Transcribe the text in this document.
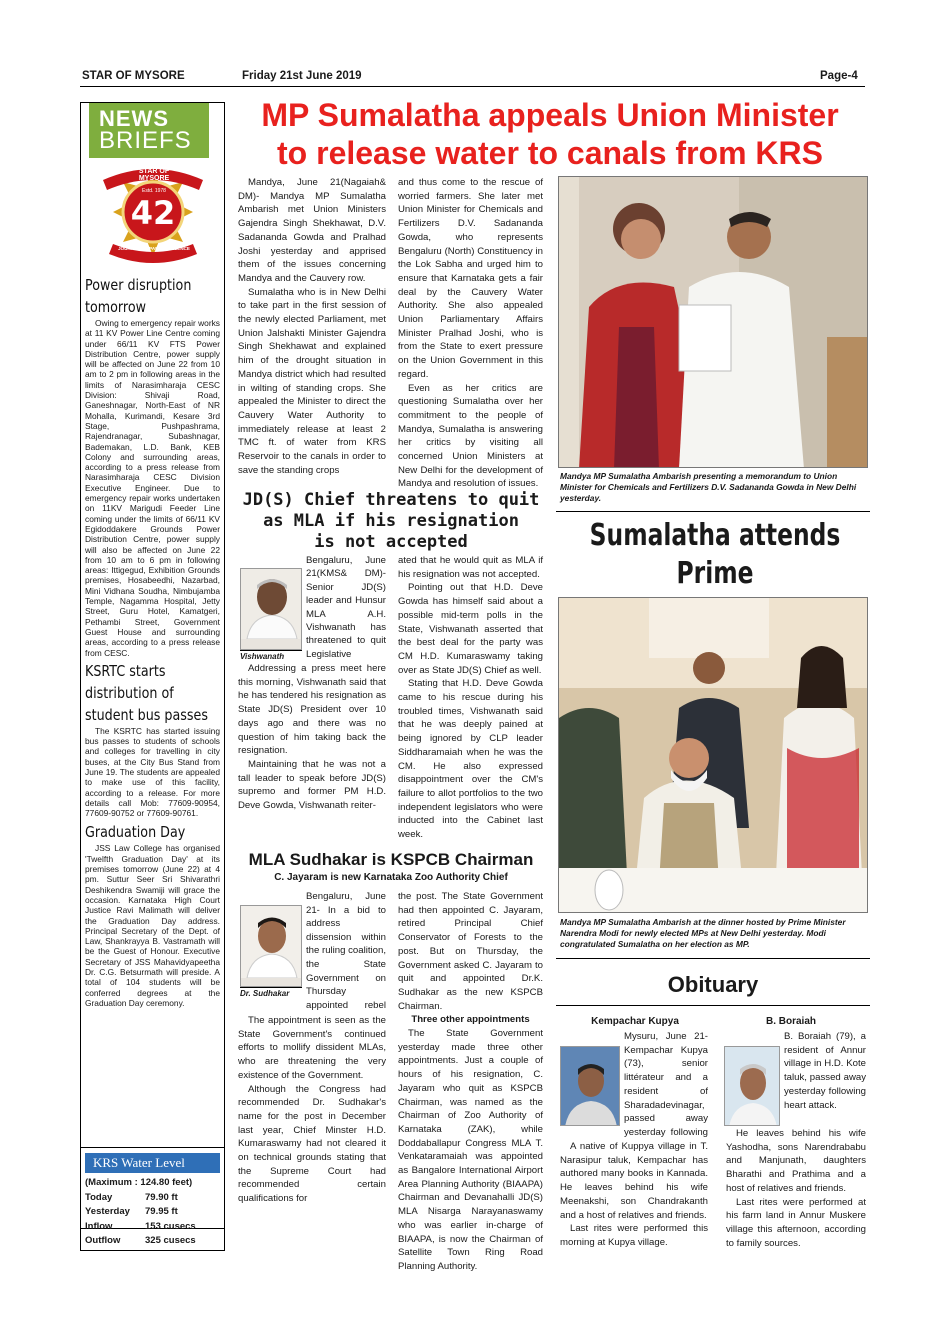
STAR OF MYSORE	Friday 21st June 2019	Page-4
NEWS
BRIEFS
STAR OF MYSORE
Estd. 1978
42
JOURNALISM PAR EXCELLENCE
Power disruption tomorrow
Owing to emergency repair works at 11 KV Power Line Centre coming under 66/11 KV FTS Power Distribution Centre, power supply will be affected on June 22 from 10 am to 2 pm in following areas in the limits of Narasimharaja CESC Division: Shivaji Road, Ganeshnagar, North-East of NR Mohalla, Kurimandi, Kesare 3rd Stage, Pushpashrama, Rajendranagar, Subashnagar, Bademakan, L.D. Bank, KEB Colony and surrounding areas, according to a press release from Narasimharaja CESC Division Executive Engineer. Due to emergency repair works undertaken on 11KV Marigudi Feeder Line coming under the limits of 66/11 KV Egidoddakere Grounds Power Distribution Centre, power supply will also be affected on June 22 from 10 am to 6 pm in following areas: Ittigegud, Exhibition Grounds premises, Hosabeedhi, Nazarbad, Mini Vidhana Soudha, Nimbujamba Temple, Nagamma Hospital, Jetty Street, Guru Hotel, Kamatgeri, Pethambi Street, Government Guest House and surrounding areas, according to a press release from CESC.
KSRTC starts distribution of student bus passes
The KSRTC has started issuing bus passes to students of schools and colleges for travelling in city buses, at the City Bus Stand from June 19. The students are appealed to make use of this facility, according to a release. For more details call Mob: 77609-90954, 77609-90752 or 77609-90761.
Graduation Day
JSS Law College has organised 'Twelfth Graduation Day' at its premises tomorrow (June 22) at 4 pm. Suttur Seer Sri Shivarathri Deshikendra Swamiji will grace the occasion. Karnataka High Court Justice Ravi Malimath will deliver the Graduation Day address. Principal Secretary of the Dept. of Law, Shankrayya B. Vastramath will be the Guest of Honour. Executive Secretary of JSS Mahavidyapeetha Dr. C.G. Betsurmath will preside. A total of 104 students will be conferred degrees at the Graduation Day ceremony.
KRS Water Level
(Maximum : 124.80 feet)
Today	79.90 ft
Yesterday	79.95 ft
Inflow	153 cusecs
Outflow	325 cusecs
MP Sumalatha appeals Union Minister
to release water to canals from KRS

Mandya, June 21(Nagaiah& DM)- Mandya MP Sumalatha Ambarish met Union Ministers Gajendra Singh Shekhawat, D.V. Sadananda Gowda and Pralhad Joshi yesterday and apprised them of the issues concerning Mandya and the Cauvery row.

Sumalatha who is in New Delhi to take part in the first session of the newly elected Parliament, met Union Jalshakti Minister Gajendra Singh Shekhawat and explained him of the drought situation in Mandya district which had resulted in wilting of standing crops. She appealed the Minister to direct the Cauvery Water Authority to immediately release at least 2 TMC ft. of water from KRS Reservoir to the canals in order to save the standing crops

and thus come to the rescue of worried farmers. She later met Union Minister for Chemicals and Fertilizers D.V. Sadananda Gowda, who represents Bengaluru (North) Constituency in the Lok Sabha and urged him to ensure that Karnataka gets a fair deal by the Cauvery Water Authority. She also appealed Union Parliamentary Affairs Minister Pralhad Joshi, who is from the State to exert pressure on the Union Government in this regard.

Even as her critics are questioning Sumalatha over her commitment to the people of Mandya, Sumalatha is answering her critics by visiting all concerned Union Ministers at New Delhi for the development of Mandya and resolution of issues.

Mandya MP Sumalatha Ambarish presenting a memorandum to Union Minister for Chemicals and Fertilizers D.V. Sadananda Gowda in New Delhi yesterday.
JD(S) Chief threatens to quit
as MLA if his resignation
is not accepted
Vishwanath
Bengaluru, June 21(KMS& DM)- Senior JD(S) leader and Hunsur MLA A.H. Vishwanath has threatened to quit Legislative

Addressing a press meet here this morning, Vishwanath said that he has tendered his resignation as State JD(S) President over 10 days ago and there was no question of him taking back the resignation.

Maintaining that he was not a tall leader to speak before JD(S) supremo and former PM H.D. Deve Gowda, Vishwanath reiter-

ated that he would quit as MLA if his resignation was not accepted.

Pointing out that H.D. Deve Gowda has himself said about a possible mid-term polls in the State, Vishwanath asserted that the best deal for the party was CM H.D. Kumaraswamy taking over as State JD(S) Chief as well.

Stating that H.D. Deve Gowda came to his rescue during his troubled times, Vishwanath said that he was deeply pained at being ignored by CLP leader Siddharamaiah when he was the CM. He also expressed disappointment over the CM's failure to allot portfolios to the two independent legislators who were inducted into the Cabinet last week.

MLA Sudhakar is KSPCB Chairman
C. Jayaram is new Karnataka Zoo Authority Chief
Dr. Sudhakar
Bengaluru, June 21- In a bid to address dissension within the ruling coalition, the State Government on Thursday appointed rebel

The appointment is seen as the State Government's continued efforts to mollify dissident MLAs, who are threatening the very existence of the Government.

Although the Congress had recommended Dr. Sudhakar's name for the post in December last year, Chief Minster H.D. Kumaraswamy had not cleared it on technical grounds stating that the Supreme Court had recommended certain qualifications for

the post. The State Government had then appointed C. Jayaram, retired Principal Chief Conservator of Forests to the post. But on Thursday, the Government asked C. Jayaram to quit and appointed Dr.K. Sudhakar as the new KSPCB Chairman.

Three other appointments

The State Government yesterday made three other appointments. Just a couple of hours of his resignation, C. Jayaram who quit as KSPCB Chairman, was named as the Chairman of Zoo Authority of Karnataka (ZAK), while Doddaballapur Congress MLA T. Venkataramaiah was appointed as Bangalore International Airport Area Planning Authority (BIAAPA) Chairman and Devanahalli JD(S) MLA Nisarga Narayanaswamy who was earlier in-charge of BIAAPA, is now the Chairman of Satellite Town Ring Road Planning Authority.

Sumalatha attends Prime
Mandya MP Sumalatha Ambarish at the dinner hosted by Prime Minister Narendra Modi for newly elected MPs at New Delhi yesterday. Modi congratulated Sumalatha on her election as MP.
Obituary
Kempachar Kupya
Mysuru, June 21- Kempachar Kupya (73), senior littérateur and a resident of Sharadadevinagar, passed away yesterday following

A native of Kuppya village in T. Narasipur taluk, Kempachar has authored many books in Kannada. He leaves behind his wife Meenakshi, son Chandrakanth and a host of relatives and friends.

Last rites were performed this morning at Kupya village.

B. Boraiah
B. Boraiah (79), a resident of Annur village in H.D. Kote taluk, passed away yesterday following heart attack.

He leaves behind his wife Yashodha, sons Narendrababu and Manjunath, daughters Bharathi and Prathima and a host of relatives and friends.

Last rites were performed at his farm land in Annur Muskere village this afternoon, according to family sources.
